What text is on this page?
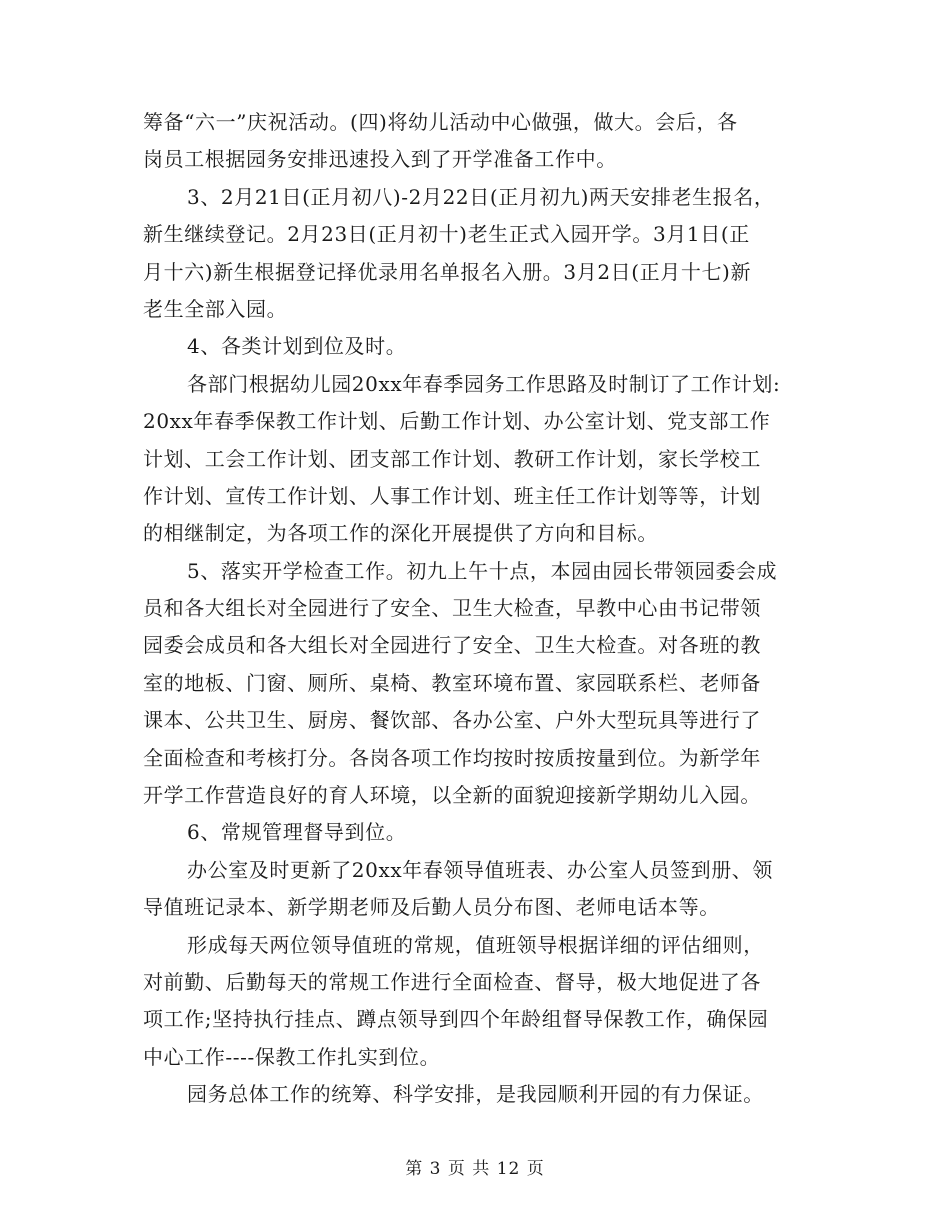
筹备“六一”庆祝活动。(四)将幼儿活动中心做强，做大。会后，各
岗员工根据园务安排迅速投入到了开学准备工作中。
3、2月21日(正月初八)-2月22日(正月初九)两天安排老生报名，
新生继续登记。2月23日(正月初十)老生正式入园开学。3月1日(正
月十六)新生根据登记择优录用名单报名入册。3月2日(正月十七)新
老生全部入园。
4、各类计划到位及时。
各部门根据幼儿园20xx年春季园务工作思路及时制订了工作计划:
20xx年春季保教工作计划、后勤工作计划、办公室计划、党支部工作
计划、工会工作计划、团支部工作计划、教研工作计划，家长学校工
作计划、宣传工作计划、人事工作计划、班主任工作计划等等，计划
的相继制定，为各项工作的深化开展提供了方向和目标。
5、落实开学检查工作。初九上午十点，本园由园长带领园委会成
员和各大组长对全园进行了安全、卫生大检查，早教中心由书记带领
园委会成员和各大组长对全园进行了安全、卫生大检查。对各班的教
室的地板、门窗、厕所、桌椅、教室环境布置、家园联系栏、老师备
课本、公共卫生、厨房、餐饮部、各办公室、户外大型玩具等进行了
全面检查和考核打分。各岗各项工作均按时按质按量到位。为新学年
开学工作营造良好的育人环境，以全新的面貌迎接新学期幼儿入园。
6、常规管理督导到位。
办公室及时更新了20xx年春领导值班表、办公室人员签到册、领
导值班记录本、新学期老师及后勤人员分布图、老师电话本等。
形成每天两位领导值班的常规，值班领导根据详细的评估细则，
对前勤、后勤每天的常规工作进行全面检查、督导，极大地促进了各
项工作;坚持执行挂点、蹲点领导到四个年龄组督导保教工作，确保园
中心工作----保教工作扎实到位。
园务总体工作的统筹、科学安排，是我园顺利开园的有力保证。
第 3 页 共 12 页
